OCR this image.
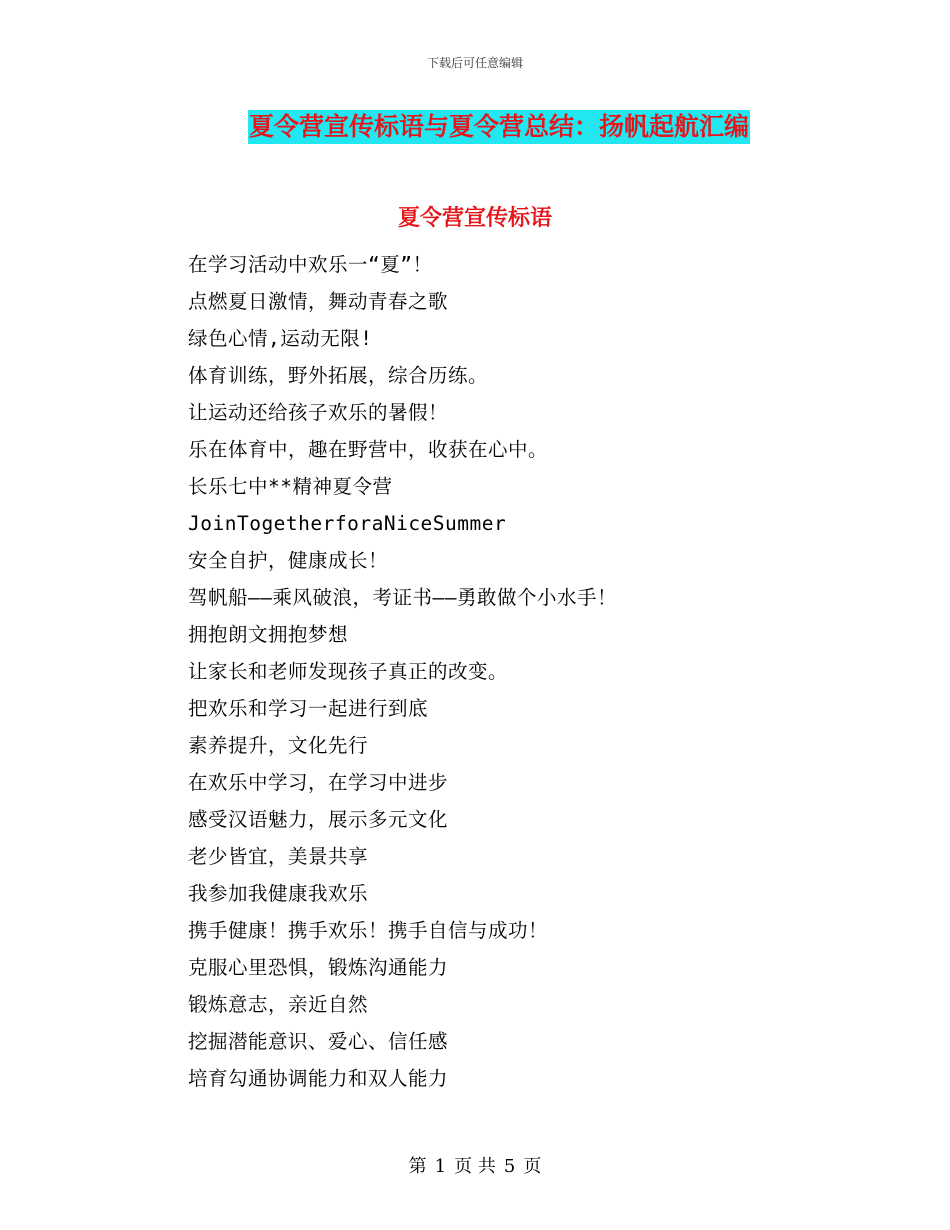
下载后可任意编辑
夏令营宣传标语与夏令营总结：扬帆起航汇编
夏令营宣传标语
在学习活动中欢乐一“夏”！
点燃夏日激情，舞动青春之歌
绿色心情,运动无限!
体育训练，野外拓展，综合历练。
让运动还给孩子欢乐的暑假！
乐在体育中，趣在野营中，收获在心中。
长乐七中**精神夏令营
JoinTogetherforaNiceSummer
安全自护，健康成长！
驾帆船——乘风破浪，考证书——勇敢做个小水手！
拥抱朗文拥抱梦想
让家长和老师发现孩子真正的改变。
把欢乐和学习一起进行到底
素养提升，文化先行
在欢乐中学习，在学习中进步
感受汉语魅力，展示多元文化
老少皆宜，美景共享
我参加我健康我欢乐
携手健康！携手欢乐！携手自信与成功！
克服心里恐惧，锻炼沟通能力
锻炼意志，亲近自然
挖掘潜能意识、爱心、信任感
培育勾通协调能力和双人能力
第 1 页 共 5 页
